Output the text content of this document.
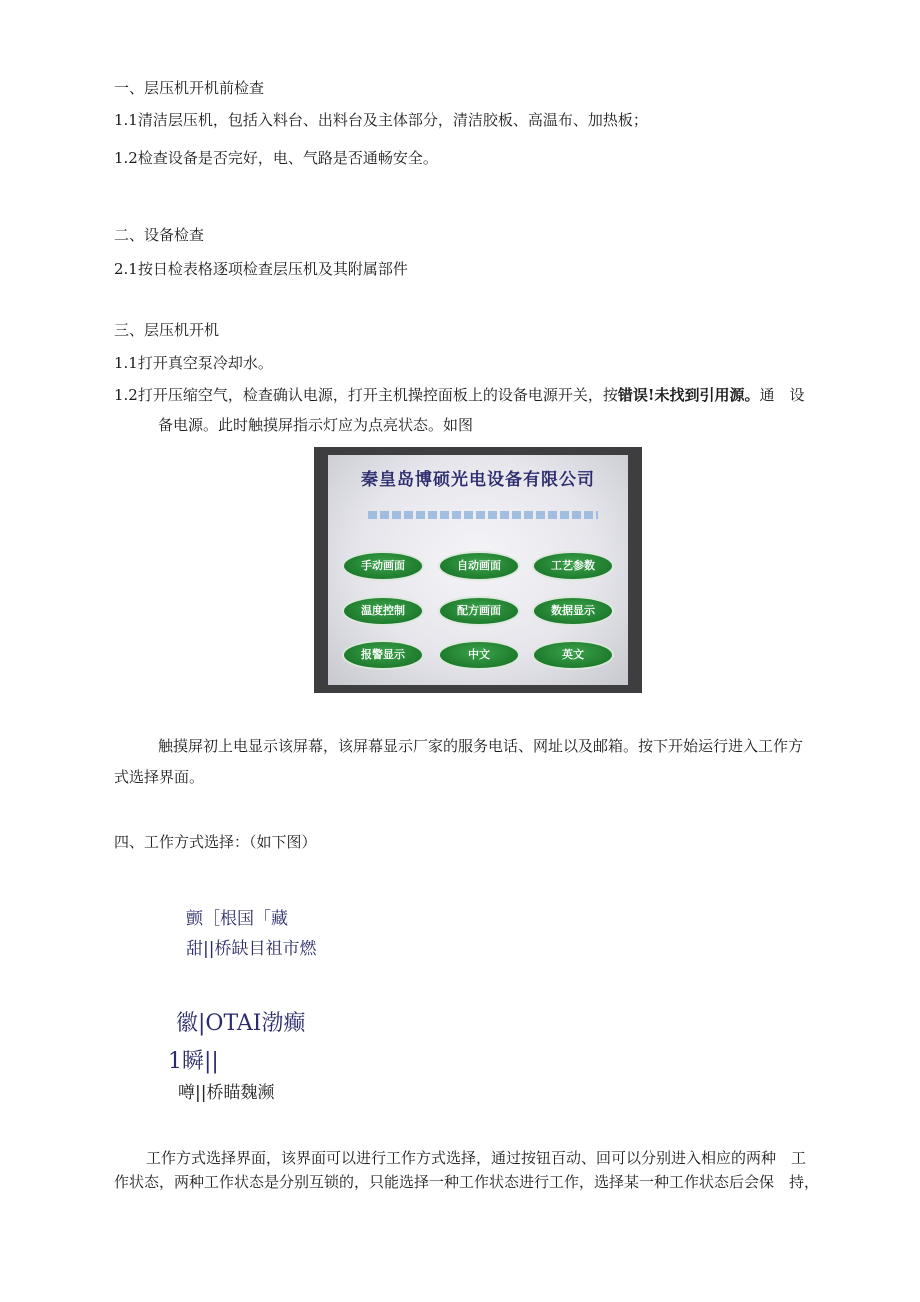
一、层压机开机前检查
1.1清洁层压机，包括入料台、出料台及主体部分，清洁胶板、高温布、加热板；
1.2检查设备是否完好，电、气路是否通畅安全。
二、设备检查
2.1按日检表格逐项检查层压机及其附属部件
三、层压机开机
1.1打开真空泵冷却水。
1.2打开压缩空气，检查确认电源，打开主机操控面板上的设备电源开关，按错误!未找到引用源。通　设
备电源。此时触摸屏指示灯应为点亮状态。如图
秦皇岛博硕光电设备有限公司
手动画面	自动画面	工艺参数
温度控制	配方画面	数据显示
报警显示	中文	英文
触摸屏初上电显示该屏幕，该屏幕显示厂家的服务电话、网址以及邮箱。按下开始运行进入工作方
式选择界面。
四、工作方式选择：（如下图）
颤［根国「藏
甜||桥缺目祖市燃
徽|OTAI渤癫
1瞬||
噂||桥瞄魏濒
工作方式选择界面，该界面可以进行工作方式选择，通过按钮百动、回可以分别进入相应的两种　工
作状态，两种工作状态是分别互锁的，只能选择一种工作状态进行工作，选择某一种工作状态后会保　持，
